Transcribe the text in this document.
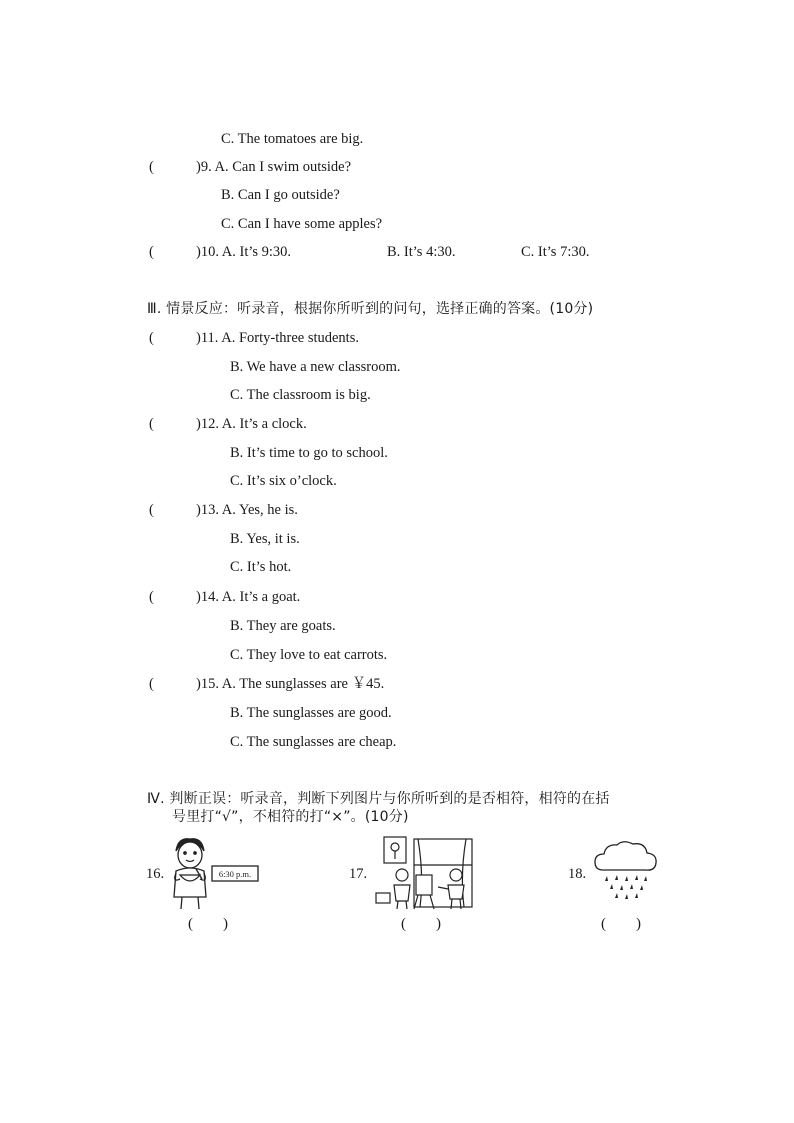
C. The tomatoes are big.
(	)9. A. Can I swim outside?
B. Can I go outside?
C. Can I have some apples?
(	)10. A. It’s 9:30.	B. It’s 4:30.	C. It’s 7:30.
Ⅲ. 情景反应：听录音，根据你所听到的问句，选择正确的答案。(10分)
(	)11. A. Forty-three students.
B. We have a new classroom.
C. The classroom is big.
(	)12. A. It’s a clock.
B. It’s time to go to school.
C. It’s six o’clock.
(	)13. A. Yes, he is.
B. Yes, it is.
C. It’s hot.
(	)14. A. It’s a goat.
B. They are goats.
C. They love to eat carrots.
(	)15. A. The sunglasses are ￥45.
B. The sunglasses are good.
C. The sunglasses are cheap.
Ⅳ. 判断正误：听录音，判断下列图片与你所听到的是否相符，相符的在括
号里打“√”，不相符的打“×”。(10分)
16.	6:30 p.m.	17.	18.
(　　)	(　　)	(　　)
